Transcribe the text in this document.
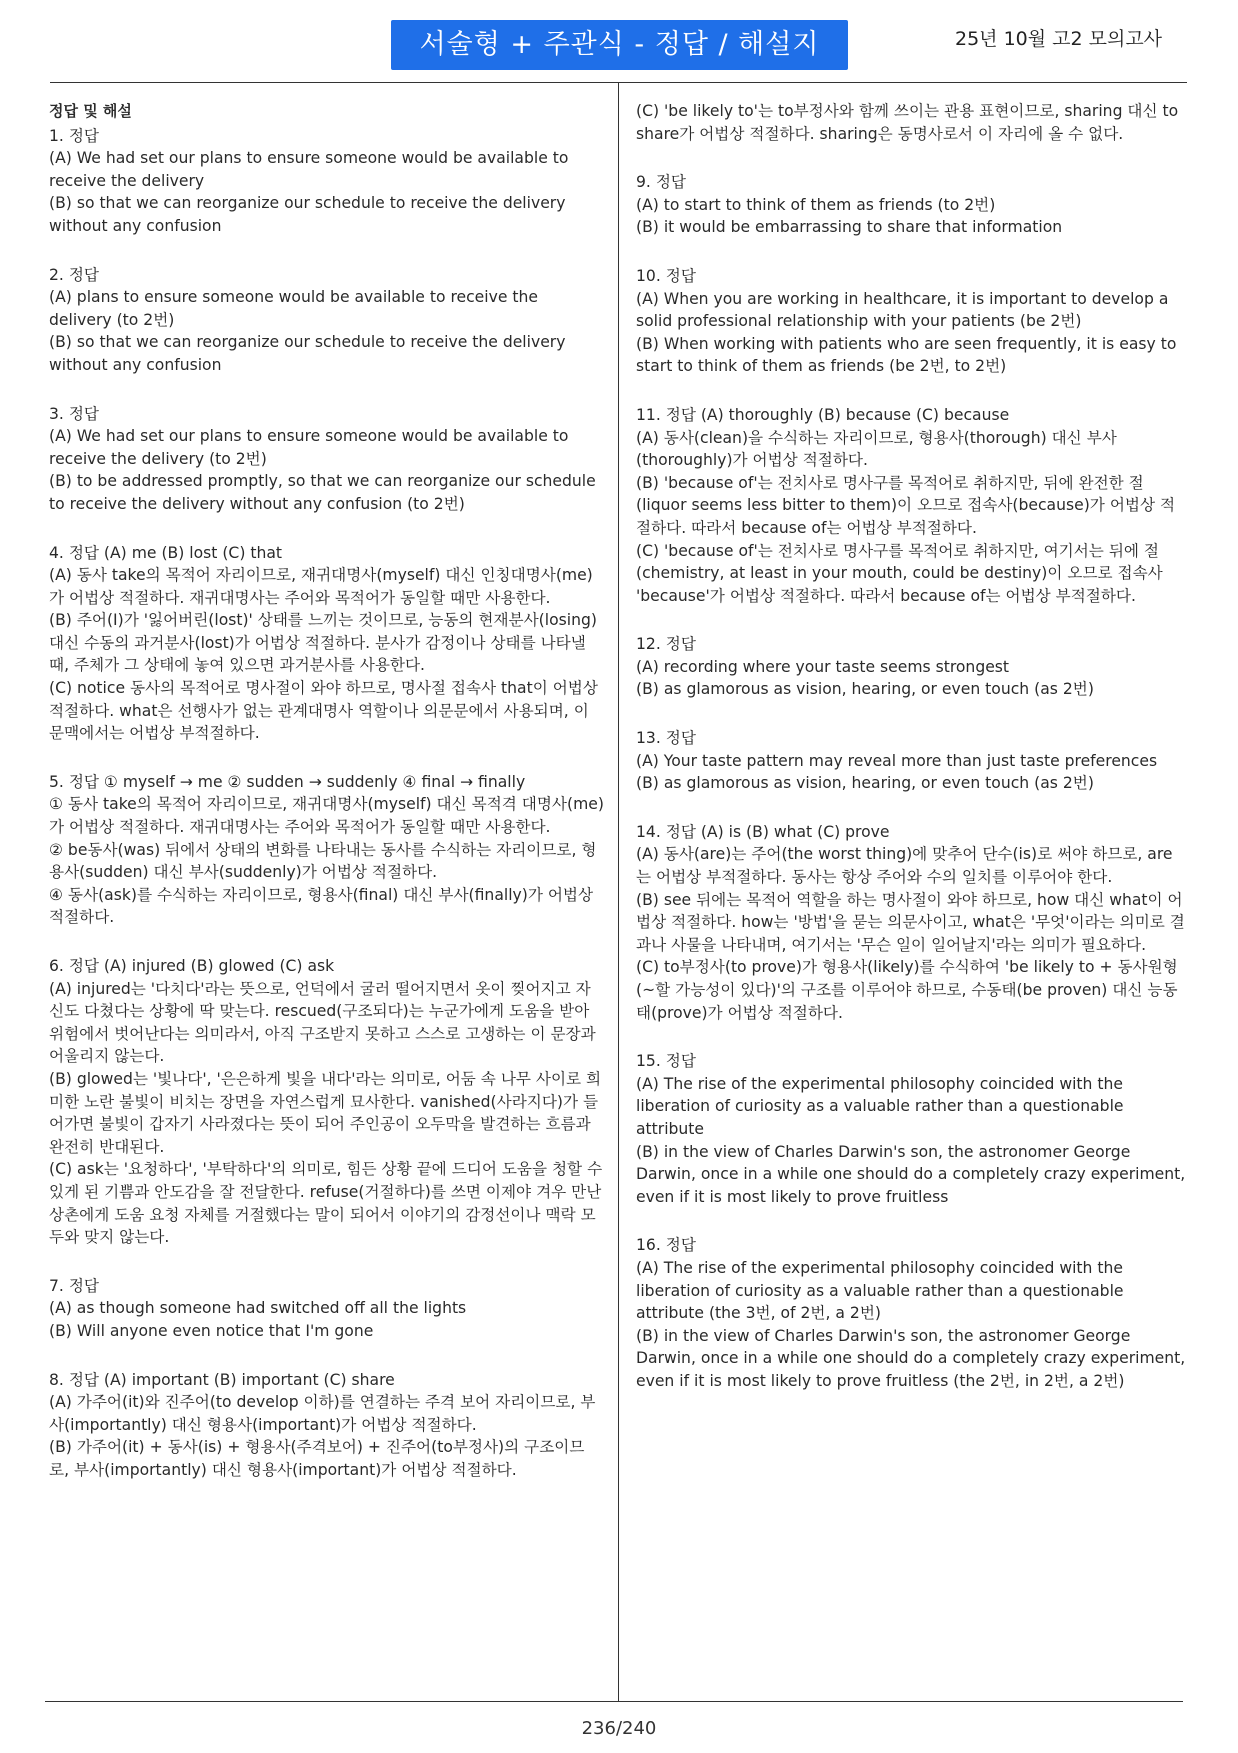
서술형 + 주관식 - 정답 / 해설지	25년 10월 고2 모의고사
정답 및 해설

1. 정답

(A) We had set our plans to ensure someone would be available to receive the delivery

(B) so that we can reorganize our schedule to receive the delivery without any confusion

2. 정답

(A) plans to ensure someone would be available to receive the delivery (to 2번)

(B) so that we can reorganize our schedule to receive the delivery without any confusion

3. 정답

(A) We had set our plans to ensure someone would be available to receive the delivery (to 2번)

(B) to be addressed promptly, so that we can reorganize our schedule to receive the delivery without any confusion (to 2번)

4. 정답 (A) me (B) lost (C) that

(A) 동사 take의 목적어 자리이므로, 재귀대명사(myself) 대신 인칭대명사(me)가 어법상 적절하다. 재귀대명사는 주어와 목적어가 동일할 때만 사용한다.

(B) 주어(I)가 '잃어버린(lost)' 상태를 느끼는 것이므로, 능동의 현재분사(losing) 대신 수동의 과거분사(lost)가 어법상 적절하다. 분사가 감정이나 상태를 나타낼 때, 주체가 그 상태에 놓여 있으면 과거분사를 사용한다.

(C) notice 동사의 목적어로 명사절이 와야 하므로, 명사절 접속사 that이 어법상 적절하다. what은 선행사가 없는 관계대명사 역할이나 의문문에서 사용되며, 이 문맥에서는 어법상 부적절하다.

5. 정답 ① myself → me ② sudden → suddenly ④ final → finally

① 동사 take의 목적어 자리이므로, 재귀대명사(myself) 대신 목적격 대명사(me)가 어법상 적절하다. 재귀대명사는 주어와 목적어가 동일할 때만 사용한다.

② be동사(was) 뒤에서 상태의 변화를 나타내는 동사를 수식하는 자리이므로, 형용사(sudden) 대신 부사(suddenly)가 어법상 적절하다.

④ 동사(ask)를 수식하는 자리이므로, 형용사(final) 대신 부사(finally)가 어법상 적절하다.

6. 정답 (A) injured (B) glowed (C) ask

(A) injured는 '다치다'라는 뜻으로, 언덕에서 굴러 떨어지면서 옷이 찢어지고 자신도 다쳤다는 상황에 딱 맞는다. rescued(구조되다)는 누군가에게 도움을 받아 위험에서 벗어난다는 의미라서, 아직 구조받지 못하고 스스로 고생하는 이 문장과 어울리지 않는다.

(B) glowed는 '빛나다', '은은하게 빛을 내다'라는 의미로, 어둠 속 나무 사이로 희미한 노란 불빛이 비치는 장면을 자연스럽게 묘사한다. vanished(사라지다)가 들어가면 불빛이 갑자기 사라졌다는 뜻이 되어 주인공이 오두막을 발견하는 흐름과 완전히 반대된다.

(C) ask는 '요청하다', '부탁하다'의 의미로, 힘든 상황 끝에 드디어 도움을 청할 수 있게 된 기쁨과 안도감을 잘 전달한다. refuse(거절하다)를 쓰면 이제야 겨우 만난 상촌에게 도움 요청 자체를 거절했다는 말이 되어서 이야기의 감정선이나 맥락 모두와 맞지 않는다.

7. 정답

(A) as though someone had switched off all the lights

(B) Will anyone even notice that I'm gone

8. 정답 (A) important (B) important (C) share

(A) 가주어(it)와 진주어(to develop 이하)를 연결하는 주격 보어 자리이므로, 부사(importantly) 대신 형용사(important)가 어법상 적절하다.

(B) 가주어(it) + 동사(is) + 형용사(주격보어) + 진주어(to부정사)의 구조이므로, 부사(importantly) 대신 형용사(important)가 어법상 적절하다.

(C) 'be likely to'는 to부정사와 함께 쓰이는 관용 표현이므로, sharing 대신 to share가 어법상 적절하다. sharing은 동명사로서 이 자리에 올 수 없다.

9. 정답

(A) to start to think of them as friends (to 2번)

(B) it would be embarrassing to share that information

10. 정답

(A) When you are working in healthcare, it is important to develop a solid professional relationship with your patients (be 2번)

(B) When working with patients who are seen frequently, it is easy to start to think of them as friends (be 2번, to 2번)

11. 정답 (A) thoroughly (B) because (C) because

(A) 동사(clean)을 수식하는 자리이므로, 형용사(thorough) 대신 부사(thoroughly)가 어법상 적절하다.

(B) 'because of'는 전치사로 명사구를 목적어로 취하지만, 뒤에 완전한 절(liquor seems less bitter to them)이 오므로 접속사(because)가 어법상 적절하다. 따라서 because of는 어법상 부적절하다.

(C) 'because of'는 전치사로 명사구를 목적어로 취하지만, 여기서는 뒤에 절(chemistry, at least in your mouth, could be destiny)이 오므로 접속사 'because'가 어법상 적절하다. 따라서 because of는 어법상 부적절하다.

12. 정답

(A) recording where your taste seems strongest

(B) as glamorous as vision, hearing, or even touch (as 2번)

13. 정답

(A) Your taste pattern may reveal more than just taste preferences

(B) as glamorous as vision, hearing, or even touch (as 2번)

14. 정답 (A) is (B) what (C) prove

(A) 동사(are)는 주어(the worst thing)에 맞추어 단수(is)로 써야 하므로, are는 어법상 부적절하다. 동사는 항상 주어와 수의 일치를 이루어야 한다.

(B) see 뒤에는 목적어 역할을 하는 명사절이 와야 하므로, how 대신 what이 어법상 적절하다. how는 '방법'을 묻는 의문사이고, what은 '무엇'이라는 의미로 결과나 사물을 나타내며, 여기서는 '무슨 일이 일어날지'라는 의미가 필요하다.

(C) to부정사(to prove)가 형용사(likely)를 수식하여 'be likely to + 동사원형(~할 가능성이 있다)'의 구조를 이루어야 하므로, 수동태(be proven) 대신 능동태(prove)가 어법상 적절하다.

15. 정답

(A) The rise of the experimental philosophy coincided with the liberation of curiosity as a valuable rather than a questionable attribute

(B) in the view of Charles Darwin's son, the astronomer George Darwin, once in a while one should do a completely crazy experiment, even if it is most likely to prove fruitless

16. 정답

(A) The rise of the experimental philosophy coincided with the liberation of curiosity as a valuable rather than a questionable attribute (the 3번, of 2번, a 2번)

(B) in the view of Charles Darwin's son, the astronomer George Darwin, once in a while one should do a completely crazy experiment, even if it is most likely to prove fruitless (the 2번, in 2번, a 2번)

236/240
